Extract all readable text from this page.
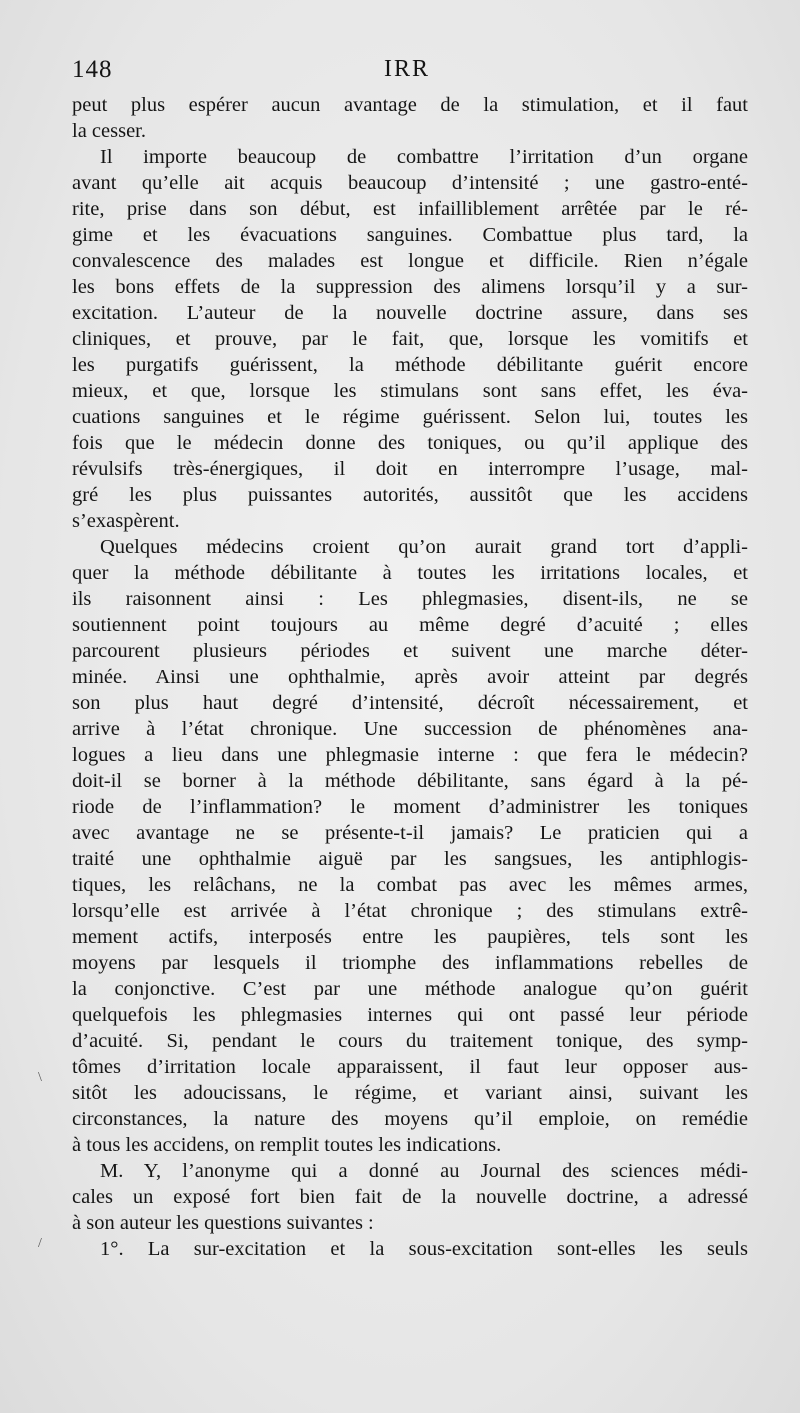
148	IRR
peut plus espérer aucun avantage de la stimulation, et il faut
la cesser.
Il importe beaucoup de combattre l’irritation d’un organe
avant qu’elle ait acquis beaucoup d’intensité ; une gastro-enté-
rite, prise dans son début, est infailliblement arrêtée par le ré-
gime et les évacuations sanguines. Combattue plus tard, la
convalescence des malades est longue et difficile. Rien n’égale
les bons effets de la suppression des alimens lorsqu’il y a sur-
excitation. L’auteur de la nouvelle doctrine assure, dans ses
cliniques, et prouve, par le fait, que, lorsque les vomitifs et
les purgatifs guérissent, la méthode débilitante guérit encore
mieux, et que, lorsque les stimulans sont sans effet, les éva-
cuations sanguines et le régime guérissent. Selon lui, toutes les
fois que le médecin donne des toniques, ou qu’il applique des
révulsifs très-énergiques, il doit en interrompre l’usage, mal-
gré les plus puissantes autorités, aussitôt que les accidens
s’exaspèrent.
Quelques médecins croient qu’on aurait grand tort d’appli-
quer la méthode débilitante à toutes les irritations locales, et
ils raisonnent ainsi : Les phlegmasies, disent-ils, ne se
soutiennent point toujours au même degré d’acuité ; elles
parcourent plusieurs périodes et suivent une marche déter-
minée. Ainsi une ophthalmie, après avoir atteint par degrés
son plus haut degré d’intensité, décroît nécessairement, et
arrive à l’état chronique. Une succession de phénomènes ana-
logues a lieu dans une phlegmasie interne : que fera le médecin?
doit-il se borner à la méthode débilitante, sans égard à la pé-
riode de l’inflammation? le moment d’administrer les toniques
avec avantage ne se présente-t-il jamais? Le praticien qui a
traité une ophthalmie aiguë par les sangsues, les antiphlogis-
tiques, les relâchans, ne la combat pas avec les mêmes armes,
lorsqu’elle est arrivée à l’état chronique ; des stimulans extrê-
mement actifs, interposés entre les paupières, tels sont les
moyens par lesquels il triomphe des inflammations rebelles de
la conjonctive. C’est par une méthode analogue qu’on guérit
quelquefois les phlegmasies internes qui ont passé leur période
d’acuité. Si, pendant le cours du traitement tonique, des symp-
tômes d’irritation locale apparaissent, il faut leur opposer aus-
sitôt les adoucissans, le régime, et variant ainsi, suivant les
circonstances, la nature des moyens qu’il emploie, on remédie
à tous les accidens, on remplit toutes les indications.
M. Y, l’anonyme qui a donné au Journal des sciences médi-
cales un exposé fort bien fait de la nouvelle doctrine, a adressé
à son auteur les questions suivantes :
1°. La sur-excitation et la sous-excitation sont-elles les seuls
\
/
